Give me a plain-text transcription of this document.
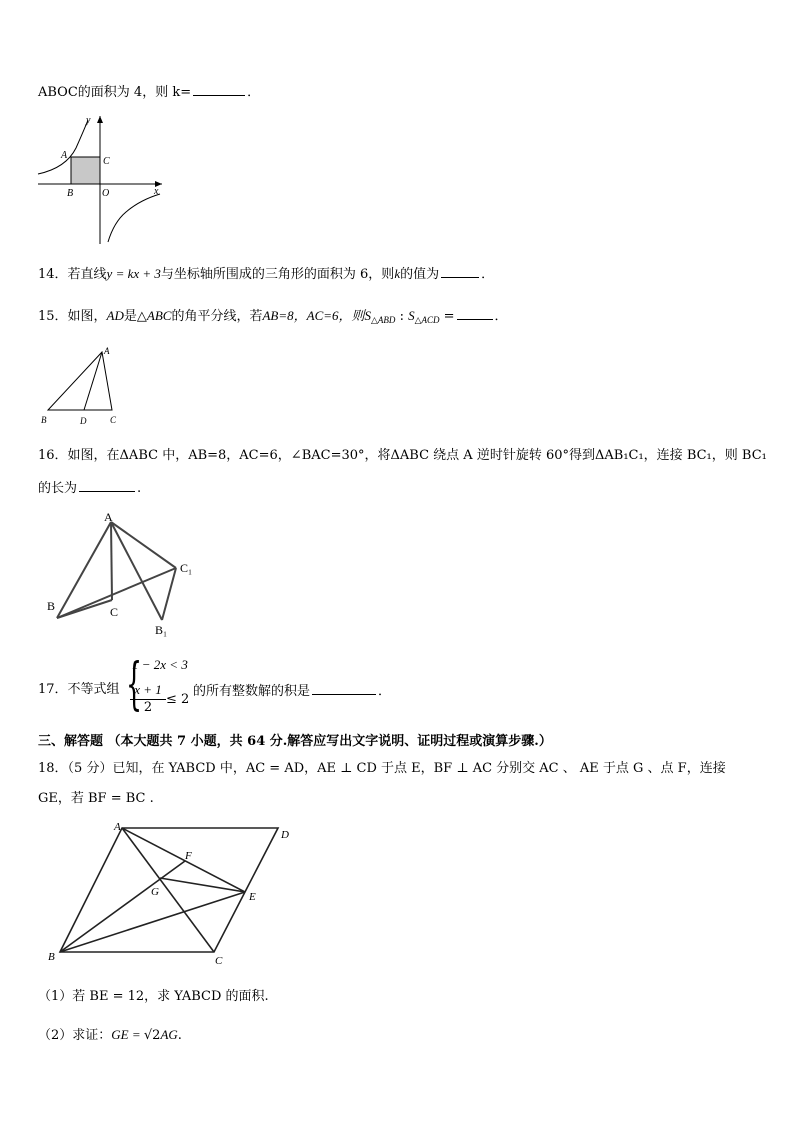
ABOC的面积为 4，则 k=	．
y
x
A
B
C
O
14．若直线y = kx + 3与坐标轴所围成的三角形的面积为 6，则k的值为	．
15．如图，AD是△ABC的角平分线，若AB=8，AC=6，则$S_{\triangle ABD}$ : $S_{\triangle ACD}$ =	．
A
B	D	C
16．如图，在ΔABC 中，AB=8，AC=6，∠BAC=30°，将ΔABC 绕点 A 逆时针旋转 60°得到ΔAB₁C₁，连接 BC₁，则 BC₁
的长为	.
A
B	C
C₁
B₁
17．不等式组 {
1 − 2x < 3
$\frac{x + 1}{2} \le 2$
的所有整数解的积是	．
三、解答题 （本大题共 7 小题，共 64 分.解答应写出文字说明、证明过程或演算步骤.）
18．（5 分）已知，在 YABCD 中，AC = AD，AE ⊥ CD 于点 E，BF ⊥ AC 分别交 AC 、 AE 于点 G 、点 F，连接
GE，若 BF = BC .
A
D
F
G	E
B	C
（1）若 BE = 12，求 YABCD 的面积.
（2）求证：GE = √2AG.
